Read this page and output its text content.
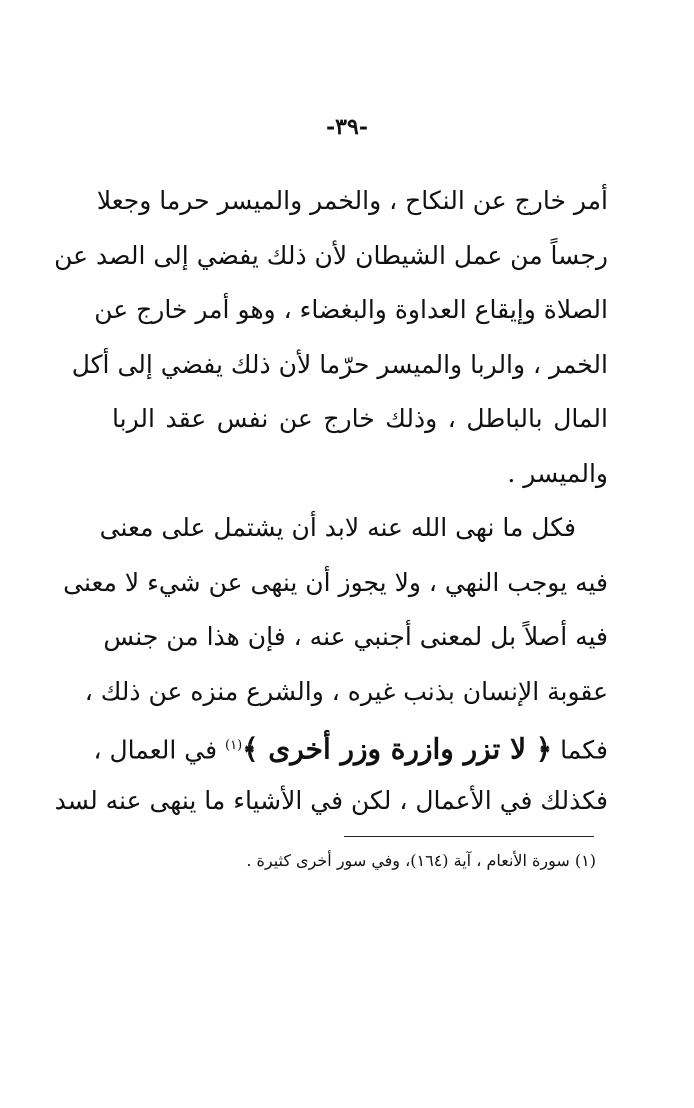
-٣٩-
أمر خارج عن النكاح ، والخمر والميسر حرما وجعلا
رجساً من عمل الشيطان لأن ذلك يفضي إلى الصد عن
الصلاة وإيقاع العداوة والبغضاء ، وهو أمر خارج عن
الخمر ، والربا والميسر حرّما لأن ذلك يفضي إلى أكل
المال بالباطل ، وذلك خارج عن نفس عقد الربا
والميسر .
فكل ما نهى الله عنه لابد أن يشتمل على معنى
فيه يوجب النهي ، ولا يجوز أن ينهى عن شيء لا معنى
فيه أصلاً بل لمعنى أجنبي عنه ، فإن هذا من جنس
عقوبة الإنسان بذنب غيره ، والشرع منزه عن ذلك ،
فكما ﴿ لا تزر وازرة وزر أخرى ﴾$^{(١)}$ في العمال ،
فكذلك في الأعمال ، لكن في الأشياء ما ينهى عنه لسد
(١) سورة الأنعام ، آية (١٦٤)، وفي سور أخرى كثيرة .
